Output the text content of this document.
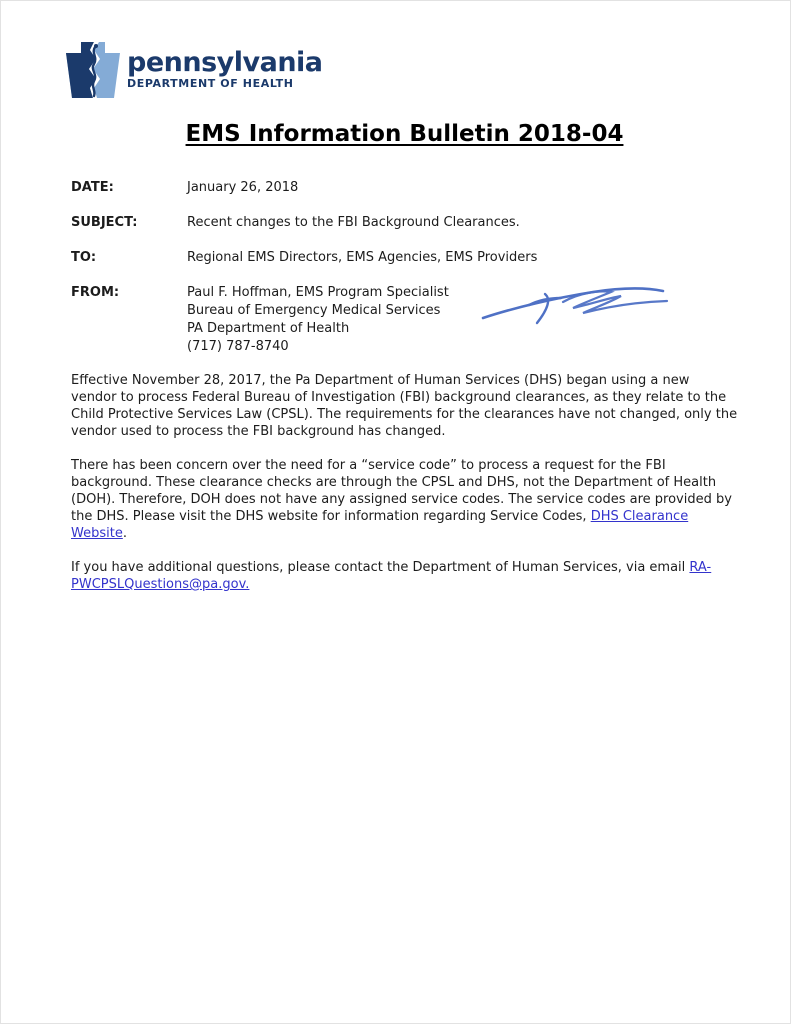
pennsylvania
DEPARTMENT OF HEALTH
EMS Information Bulletin 2018-04
DATE:	January 26, 2018
SUBJECT:	Recent changes to the FBI Background Clearances.
TO:	Regional EMS Directors, EMS Agencies, EMS Providers
FROM:	Paul F. Hoffman, EMS Program Specialist
Bureau of Emergency Medical Services
PA Department of Health
(717) 787-8740

Effective November 28, 2017, the Pa Department of Human Services (DHS) began using a new vendor to process Federal Bureau of Investigation (FBI) background clearances, as they relate to the Child Protective Services Law (CPSL). The requirements for the clearances have not changed, only the vendor used to process the FBI background has changed.

There has been concern over the need for a “service code” to process a request for the FBI background. These clearance checks are through the CPSL and DHS, not the Department of Health (DOH). Therefore, DOH does not have any assigned service codes. The service codes are provided by the DHS. Please visit the DHS website for information regarding Service Codes, DHS Clearance Website.

If you have additional questions, please contact the Department of Human Services, via email RA-PWCPSLQuestions@pa.gov.
